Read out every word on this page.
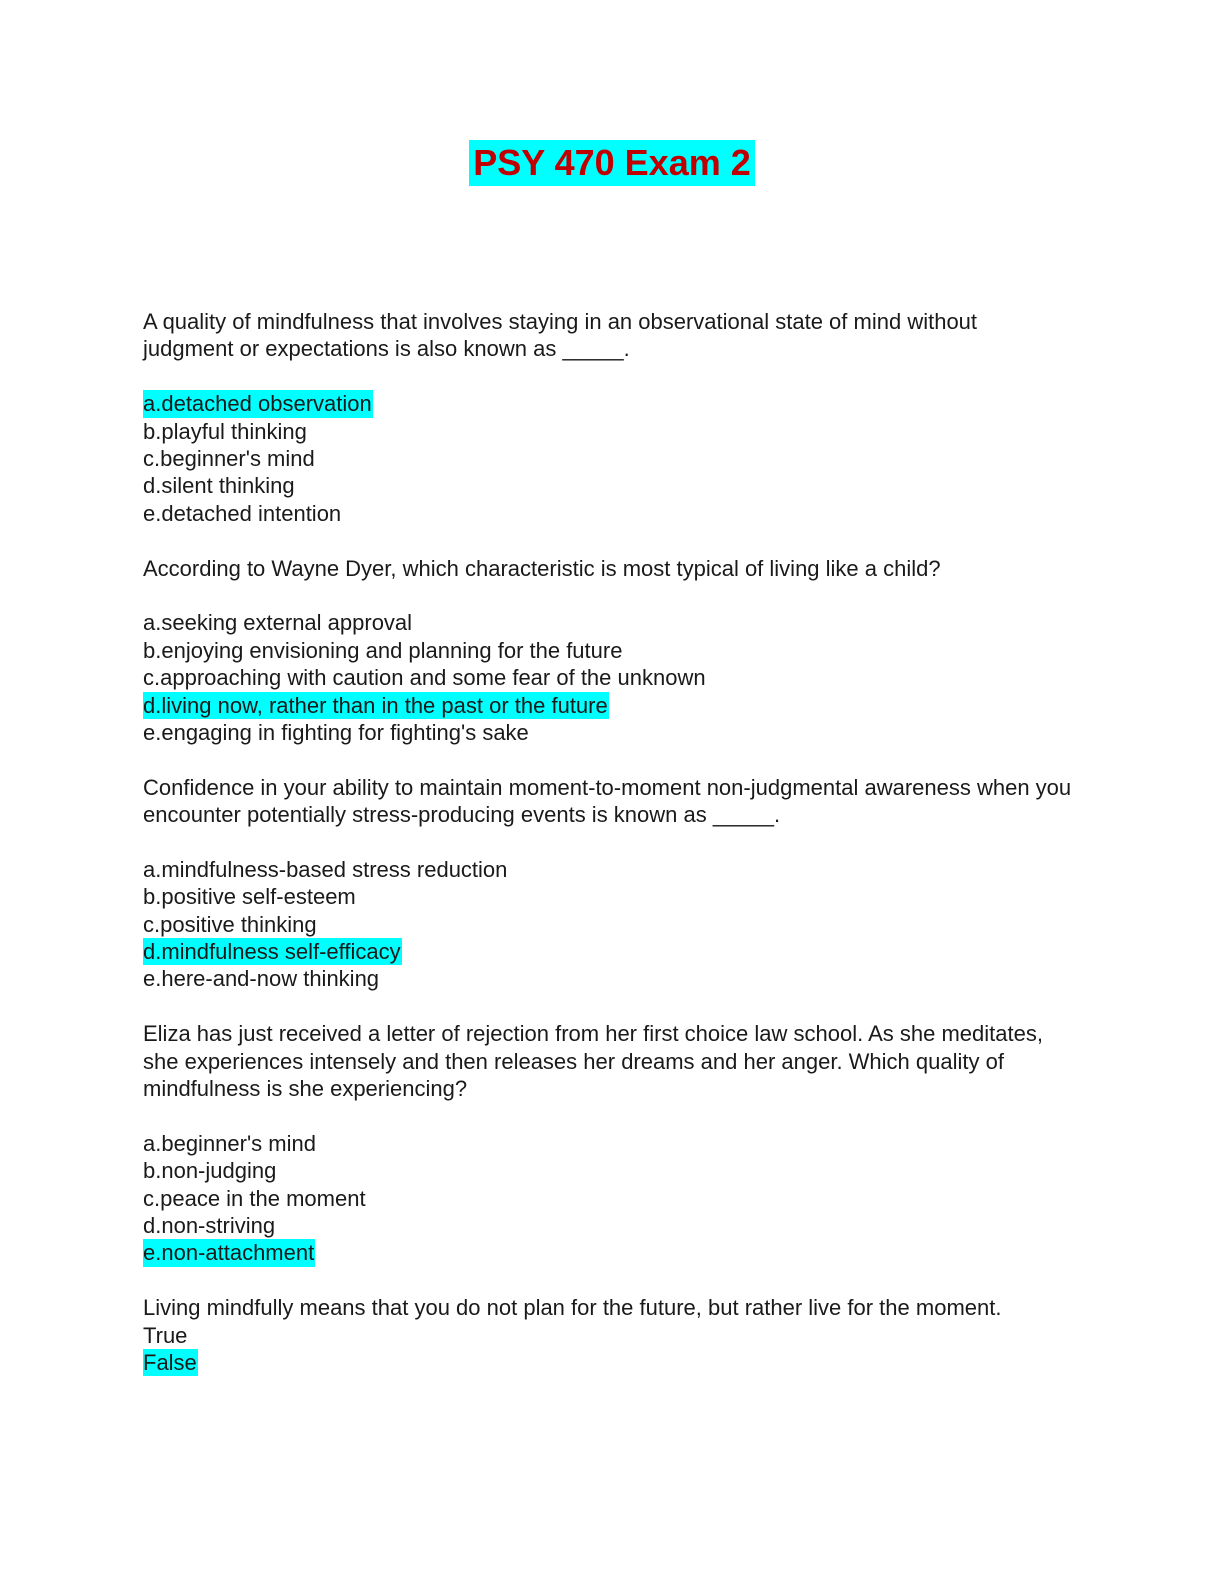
PSY 470 Exam 2
A quality of mindfulness that involves staying in an observational state of mind without judgment or expectations is also known as _____.
a.detached observation
b.playful thinking
c.beginner's mind
d.silent thinking
e.detached intention
According to Wayne Dyer, which characteristic is most typical of living like a child?
a.seeking external approval
b.enjoying envisioning and planning for the future
c.approaching with caution and some fear of the unknown
d.living now, rather than in the past or the future
e.engaging in fighting for fighting's sake
Confidence in your ability to maintain moment-to-moment non-judgmental awareness when you encounter potentially stress-producing events is known as _____.
a.mindfulness-based stress reduction
b.positive self-esteem
c.positive thinking
d.mindfulness self-efficacy
e.here-and-now thinking
Eliza has just received a letter of rejection from her first choice law school. As she meditates, she experiences intensely and then releases her dreams and her anger. Which quality of mindfulness is she experiencing?
a.beginner's mind
b.non-judging
c.peace in the moment
d.non-striving
e.non-attachment
Living mindfully means that you do not plan for the future, but rather live for the moment.
True
False
